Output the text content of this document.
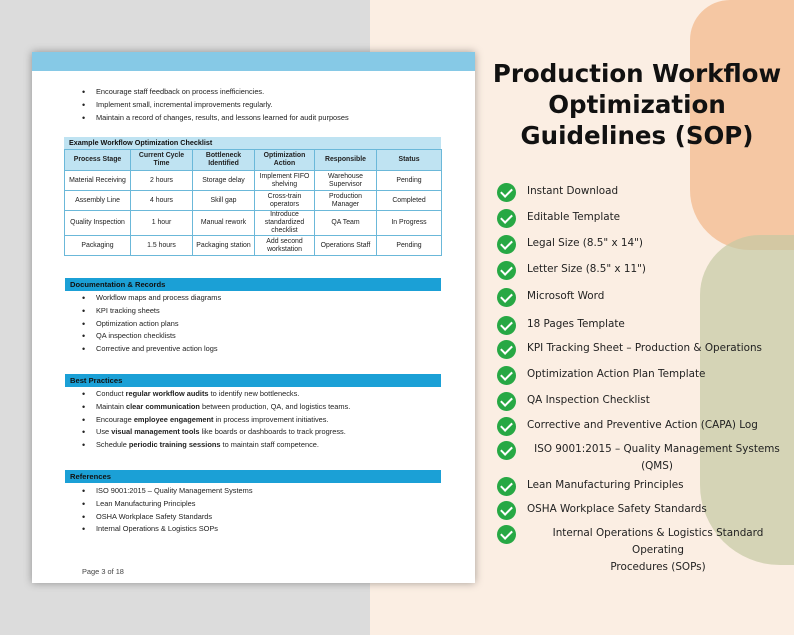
• Encourage staff feedback on process inefficiencies.
• Implement small, incremental improvements regularly.
• Maintain a record of changes, results, and lessons learned for audit purposes
Example Workflow Optimization Checklist
Process Stage	Current Cycle Time	Bottleneck Identified	Optimization Action	Responsible	Status
Material Receiving	2 hours	Storage delay	Implement FIFO shelving	Warehouse Supervisor	Pending
Assembly Line	4 hours	Skill gap	Cross-train operators	Production Manager	Completed
Quality Inspection	1 hour	Manual rework	Introduce standardized checklist	QA Team	In Progress
Packaging	1.5 hours	Packaging station	Add second workstation	Operations Staff	Pending
Documentation & Records
• Workflow maps and process diagrams
• KPI tracking sheets
• Optimization action plans
• QA inspection checklists
• Corrective and preventive action logs
Best Practices
• Conduct regular workflow audits to identify new bottlenecks.
• Maintain clear communication between production, QA, and logistics teams.
• Encourage employee engagement in process improvement initiatives.
• Use visual management tools like boards or dashboards to track progress.
• Schedule periodic training sessions to maintain staff competence.
References
• ISO 9001:2015 – Quality Management Systems
• Lean Manufacturing Principles
• OSHA Workplace Safety Standards
• Internal Operations & Logistics SOPs
Page 3 of 18
Production Workflow
Optimization
Guidelines (SOP)
Instant Download
Editable Template
Legal Size (8.5" x 14")
Letter Size (8.5" x 11")
Microsoft Word
18 Pages Template
KPI Tracking Sheet – Production & Operations
Optimization Action Plan Template
QA Inspection Checklist
Corrective and Preventive Action (CAPA) Log
ISO 9001:2015 – Quality Management Systems
(QMS)
Lean Manufacturing Principles
OSHA Workplace Safety Standards
Internal Operations & Logistics Standard Operating
Procedures (SOPs)
